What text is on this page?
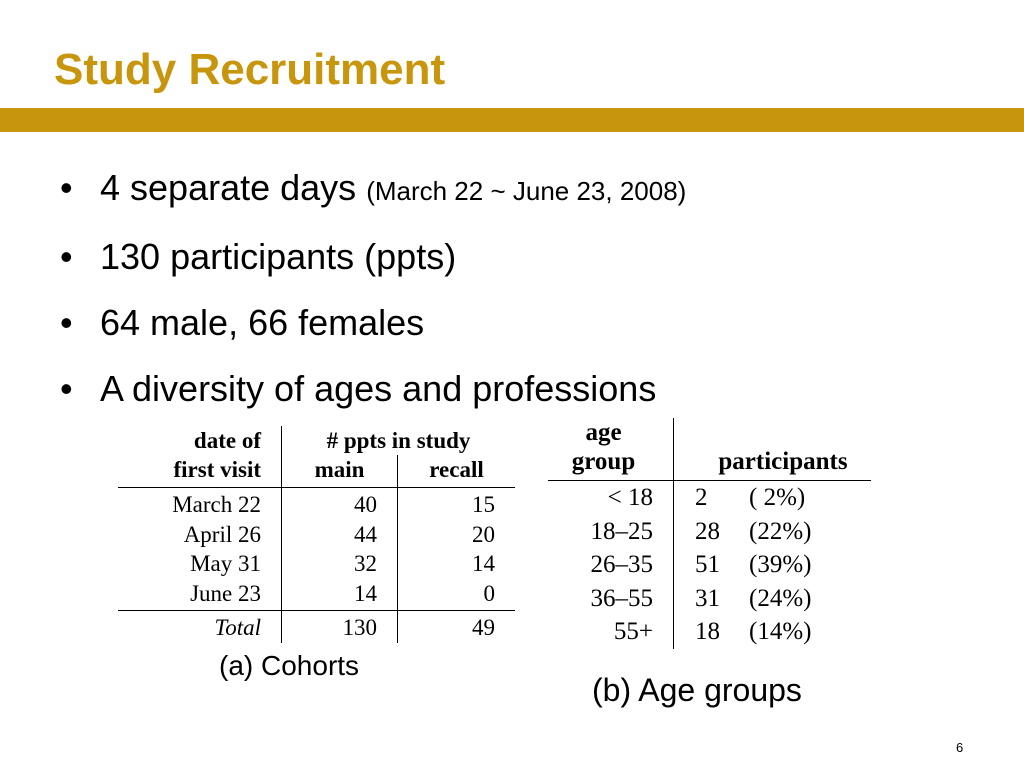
Study Recruitment
• 4 separate days (March 22 ~ June 23, 2008)
• 130 participants (ppts)
• 64 male, 66 females
• A diversity of ages and professions
date of	# ppts in study	
first visit	main	recall
March 22	40	15
April 26	44	20
May 31	32	14
June 23	14	0
Total	130	49
(a) Cohorts
age		
group	participants	
< 18	2	( 2%)
18–25	28	(22%)
26–35	51	(39%)
36–55	31	(24%)
55+	18	(14%)
(b) Age groups
6
